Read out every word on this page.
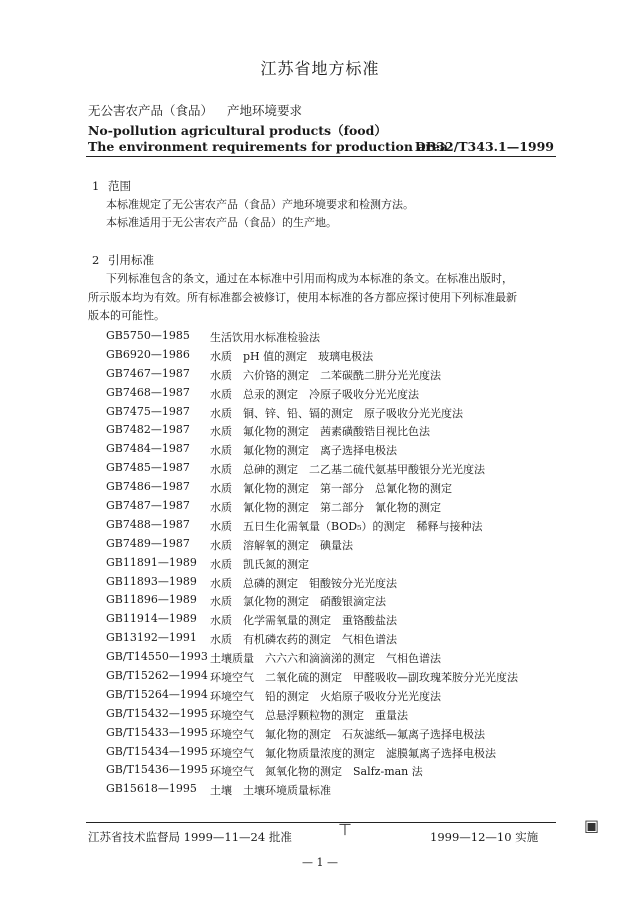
江苏省地方标准
无公害农产品（食品） 产地环境要求
No-pollution agricultural products（food）
The environment requirements for production area
DB32/T343.1—1999
1 范围
本标准规定了无公害农产品（食品）产地环境要求和检测方法。
本标准适用于无公害农产品（食品）的生产地。
2 引用标准
下列标准包含的条文，通过在本标准中引用而构成为本标准的条文。在标准出版时，
所示版本均为有效。所有标准都会被修订，使用本标准的各方都应探讨使用下列标准最新
版本的可能性。
GB5750—1985 生活饮用水标准检验法
GB6920—1986 水质　pH 值的测定　玻璃电极法
GB7467—1987 水质　六价铬的测定　二苯碳酰二肼分光光度法
GB7468—1987 水质　总汞的测定　冷原子吸收分光光度法
GB7475—1987 水质　铜、锌、铅、镉的测定　原子吸收分光光度法
GB7482—1987 水质　氟化物的测定　茜素磺酸锆目视比色法
GB7484—1987 水质　氟化物的测定　离子选择电极法
GB7485—1987 水质　总砷的测定　二乙基二硫代氨基甲酸银分光光度法
GB7486—1987 水质　氰化物的测定　第一部分　总氰化物的测定
GB7487—1987 水质　氰化物的测定　第二部分　氰化物的测定
GB7488—1987 水质　五日生化需氧量（BOD₅）的测定　稀释与接种法
GB7489—1987 水质　溶解氧的测定　碘量法
GB11891—1989 水质　凯氏氮的测定
GB11893—1989 水质　总磷的测定　钼酸铵分光光度法
GB11896—1989 水质　氯化物的测定　硝酸银滴定法
GB11914—1989 水质　化学需氧量的测定　重铬酸盐法
GB13192—1991 水质　有机磷农药的测定　气相色谱法
GB/T14550—1993 土壤质量　六六六和滴滴涕的测定　气相色谱法
GB/T15262—1994 环境空气　二氧化硫的测定　甲醛吸收—副玫瑰苯胺分光光度法
GB/T15264—1994 环境空气　铅的测定　火焰原子吸收分光光度法
GB/T15432—1995 环境空气　总悬浮颗粒物的测定　重量法
GB/T15433—1995 环境空气　氟化物的测定　石灰滤纸—氟离子选择电极法
GB/T15434—1995 环境空气　氟化物质量浓度的测定　滤膜氟离子选择电极法
GB/T15436—1995 环境空气　氮氧化物的测定　Salfz-man 法
GB15618—1995 土壤　土壤环境质量标准
江苏省技术监督局 1999—11—24 批准	1999—12—10 实施
— 1 —
⊤	▣
